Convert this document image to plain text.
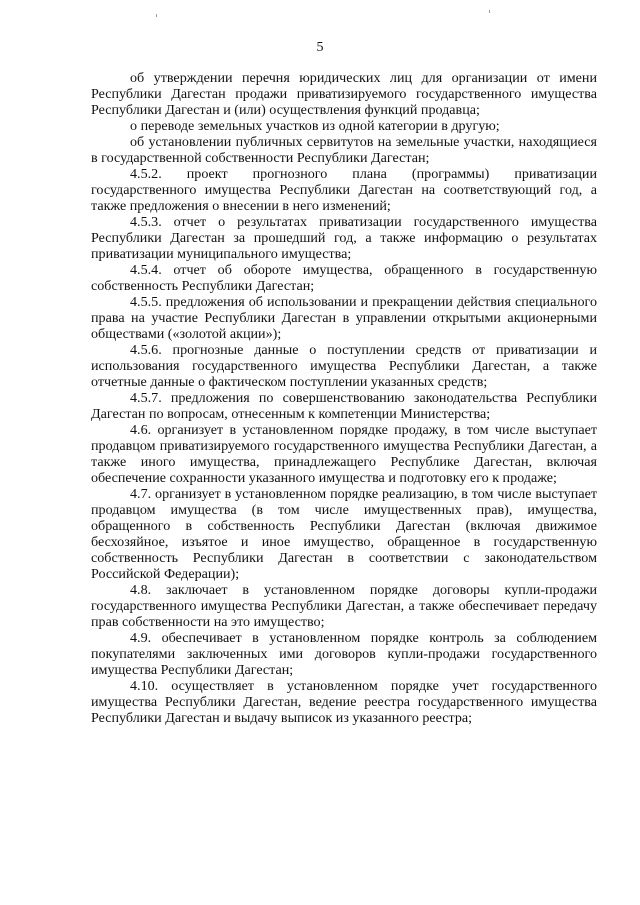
5

об утверждении перечня юридических лиц для организации от имени Республики Дагестан продажи приватизируемого государственного имущества Республики Дагестан и (или) осуществления функций продавца;

о переводе земельных участков из одной категории в другую;

об установлении публичных сервитутов на земельные участки, находящиеся в государственной собственности Республики Дагестан;

4.5.2. проект прогнозного плана (программы) приватизации государственного имущества Республики Дагестан на соответствующий год, а также предложения о внесении в него изменений;

4.5.3. отчет о результатах приватизации государственного имущества Республики Дагестан за прошедший год, а также информацию о результатах приватизации муниципального имущества;

4.5.4. отчет об обороте имущества, обращенного в государственную собственность Республики Дагестан;

4.5.5. предложения об использовании и прекращении действия специального права на участие Республики Дагестан в управлении открытыми акционерными обществами («золотой акции»);

4.5.6. прогнозные данные о поступлении средств от приватизации и использования государственного имущества Республики Дагестан, а также отчетные данные о фактическом поступлении указанных средств;

4.5.7. предложения по совершенствованию законодательства Республики Дагестан по вопросам, отнесенным к компетенции Министерства;

4.6. организует в установленном порядке продажу, в том числе выступает продавцом приватизируемого государственного имущества Республики Дагестан, а также иного имущества, принадлежащего Республике Дагестан, включая обеспечение сохранности указанного имущества и подготовку его к продаже;

4.7. организует в установленном порядке реализацию, в том числе выступает продавцом имущества (в том числе имущественных прав), имущества, обращенного в собственность Республики Дагестан (включая движимое бесхозяйное, изъятое и иное имущество, обращенное в государственную собственность Республики Дагестан в соответствии с законодательством Российской Федерации);

4.8. заключает в установленном порядке договоры купли-продажи государственного имущества Республики Дагестан, а также обеспечивает передачу прав собственности на это имущество;

4.9. обеспечивает в установленном порядке контроль за соблюдением покупателями заключенных ими договоров купли-продажи государственного имущества Республики Дагестан;

4.10. осуществляет в установленном порядке учет государственного имущества Республики Дагестан, ведение реестра государственного имущества Республики Дагестан и выдачу выписок из указанного реестра;
